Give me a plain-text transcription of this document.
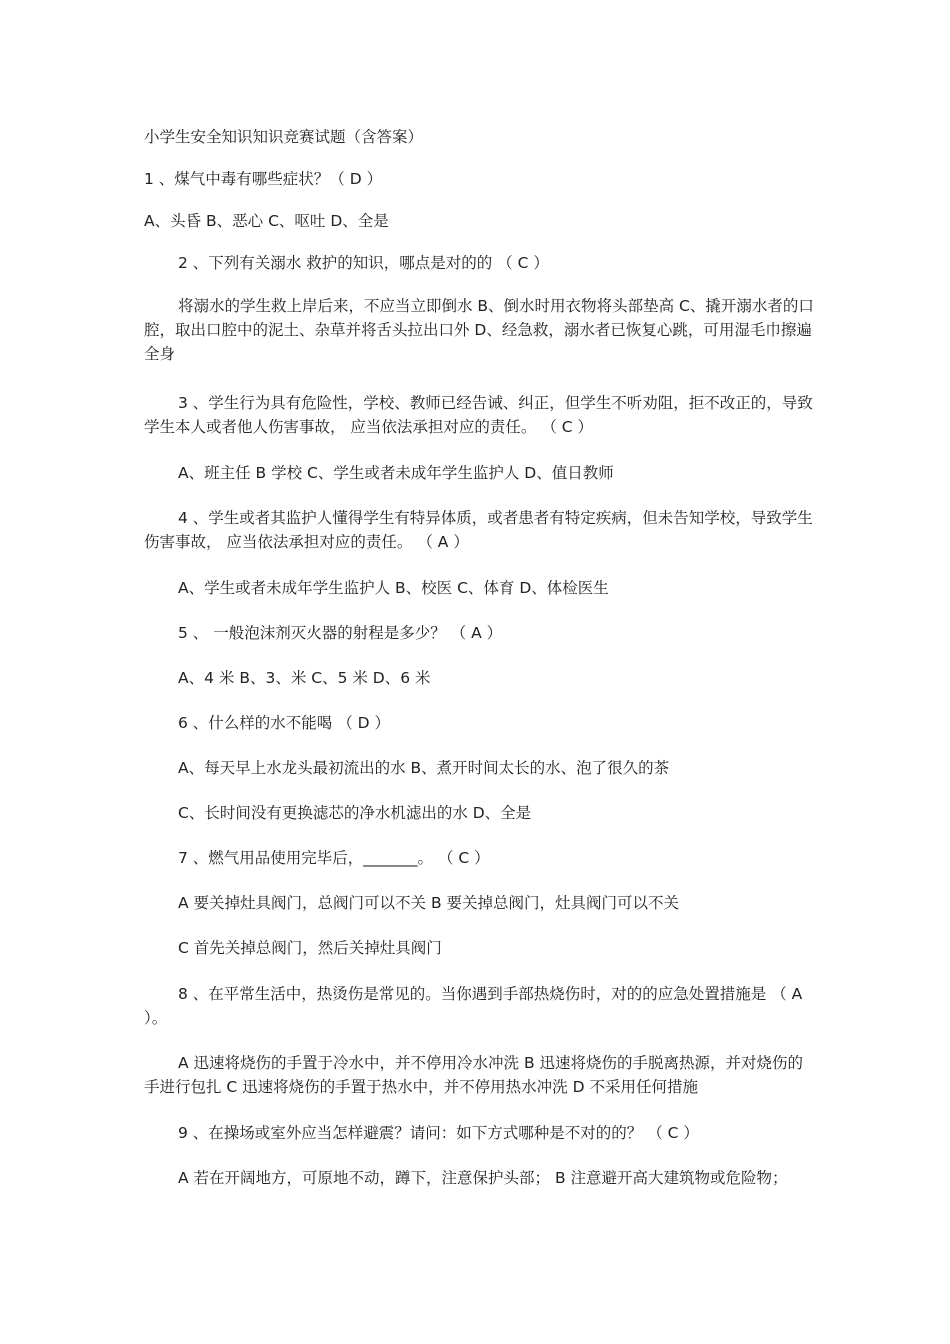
小学生安全知识知识竞赛试题（含答案）

1 、煤气中毒有哪些症状？（ D ）

A、头昏 B、恶心 C、呕吐 D、全是

2 、下列有关溺水 救护的知识，哪点是对的的 （ C ）

将溺水的学生救上岸后来，不应当立即倒水 B、倒水时用衣物将头部垫高 C、撬开溺水者的口腔，取出口腔中的泥土、杂草并将舌头拉出口外 D、经急救，溺水者已恢复心跳，可用湿毛巾擦遍全身

3 、学生行为具有危险性，学校、教师已经告诫、纠正，但学生不听劝阻，拒不改正的，导致学生本人或者他人伤害事故， 应当依法承担对应的责任。 （ C ）

A、班主任 B 学校 C、学生或者未成年学生监护人 D、值日教师

4 、学生或者其监护人懂得学生有特异体质，或者患者有特定疾病，但未告知学校，导致学生伤害事故， 应当依法承担对应的责任。 （ A ）

A、学生或者未成年学生监护人 B、校医 C、体育 D、体检医生

5 、 一般泡沫剂灭火器的射程是多少？ （ A ）

A、4 米 B、3、米 C、5 米 D、6 米

6 、什么样的水不能喝 （ D ）

A、每天早上水龙头最初流出的水 B、煮开时间太长的水、泡了很久的茶

C、长时间没有更换滤芯的净水机滤出的水 D、全是

7 、燃气用品使用完毕后，_______。 （ C ）

A 要关掉灶具阀门，总阀门可以不关 B 要关掉总阀门，灶具阀门可以不关

C 首先关掉总阀门，然后关掉灶具阀门

8 、在平常生活中，热烫伤是常见的。当你遇到手部热烧伤时，对的的应急处置措施是 （ A ）。

A 迅速将烧伤的手置于冷水中，并不停用冷水冲洗 B 迅速将烧伤的手脱离热源，并对烧伤的手进行包扎 C 迅速将烧伤的手置于热水中，并不停用热水冲洗 D 不采用任何措施

9 、在操场或室外应当怎样避震？请问：如下方式哪种是不对的的？ （ C ）

A 若在开阔地方，可原地不动，蹲下，注意保护头部； B 注意避开高大建筑物或危险物；
